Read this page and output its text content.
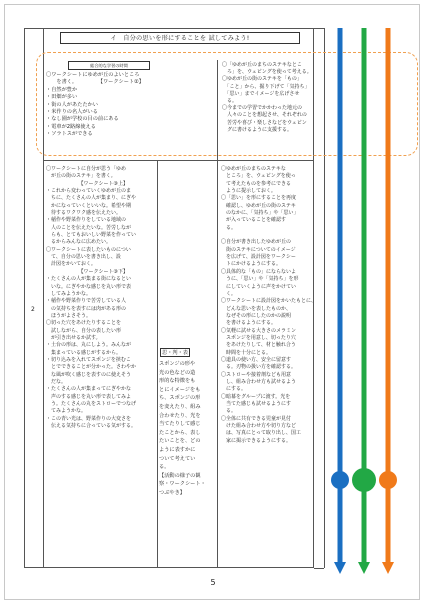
イ　自分の思いを形にすることを 試してみよう!
総合的な学習の時間
〇ワークシートにゆめが丘のよいところ
　　を書く。　　　　　【ワークシート②】
・自然が豊か
・田畑が多い
・街の人があたたかい
・米作りの名人がいる
・なし園が学校の目の前にある
・電車が2路線使える
・ソラトスができる
〇「ゆめが丘のまちのステキなとこ
　ろ」を、ウェビングを使って考える。
〇ゆめが丘の街のステキを「もの」
　「こと」から、掘り下げて「気持ち」
　「思い」までイメージを広げさせ
　る。
〇今までの学習でかかわった地元の
　人々のことを想起させ、それぞれの
　苦労や喜び・楽しさなどをウェビン
　グに書けるように支援する。
2
〇ワークシートに自分が思う「ゆめ
　が丘の街のステキ」を書く。
　　　　　　　【ワークシート③上】
・これから変わっていくゆめが丘のま
　ちに、たくさんの人が集まり、にぎや
　かになっていくといいな。希望や期
　待するワクワク感を伝えたい。
・稲作や野菜作りをしている地域の
　人のことを伝えたいな。苦労しなが
　らも、とてもおいしい野菜を作ってい
　るからみんなに広めたい。
〇ワークシートに表したいものについ
　て、自分の思いを書き出し、設
　計図をかいておく。
　　　　　　　【ワークシート③下】
・たくさんの人が集まる街になるとい
　いな。にぎやかな感じを丸い形で表
　してみようかな。
・稲作や野菜作りで苦労している人
　の気持ちを表すには肉がある形の
　ほうがよさそう。
〇切った穴をあけたりすることを
　試しながら、自分の表したい形
　が引き出せるか試す。
・土台の形は、丸にしよう。みんなが
　集まっている感じがするから。
・切り込みを入れてスポンジを挟むこ
　とでできることが分かった。さわやか
　な風が吹く感じを表すのに使えそう
　だな。
・たくさんの人が集まってにぎやかな
　声のする感じを丸い形で表してみよ
　う。たくさんの丸をストローでつなげ
　てみようかな。
・この青い光は、野菜作りの大変さを
　伝える気持ちに合っている気がする。
思・判・表
スポンジの形や
光の色などの造
形的な特徴をも
とにイメージをも
ち、スポンジの形
を変えたり、組み
合わせたり、光を
当てたりして感じ
たことから、表し
たいことを、どの
ように表すかに
ついて考えてい
る。
【活動の様子の観
察・ワークシート・
つぶやき】
〇ゆめが丘のまちのステキな
　ところ」を、ウェビングを使っ
　て考えたものを参考にできる
　ように提示しておく。
〇「思い」を形にすることを再度
　確認し、ゆめが丘の街のステキ
　のなかに、「気持ち」や「思い」
　が入っていることを確認す
　る。

〇自分が書き出したゆめが丘の
　街のステキについてのイメージ
　を広げて、設計図をワークシー
　トにかけるようにする。
〇具体的な「もの」にならないよ
　うに、「思い」や「気持ち」を形
　にしていくように声をかけてい
　く。
〇ワークシートに設計図をかいたもとに、
　どんな思いを表したものか、
　なぜその形にしたのかの説明
　を書けるようにする。
〇気軽に試せる大きさのメラミン
　スポンジを用意し、切ったり穴
　をあけたりして、材と触れ合う
　時間を十分にとる。
〇道具の使い方、安全に留意す
　る。刃物の扱い方を確認する。
〇ストローや接着剤なども用意
　し、組み合わせ方も試せるよう
　にする。
〇暗幕をグループに渡す。光を
　当てた感じも試せるようにす
　る。
〇全体に共有できる児童が見付
　けた組み合わせ方や切り方など
　は、写真にとって取り出し、国工
　家に掲示できるようにする。
5
